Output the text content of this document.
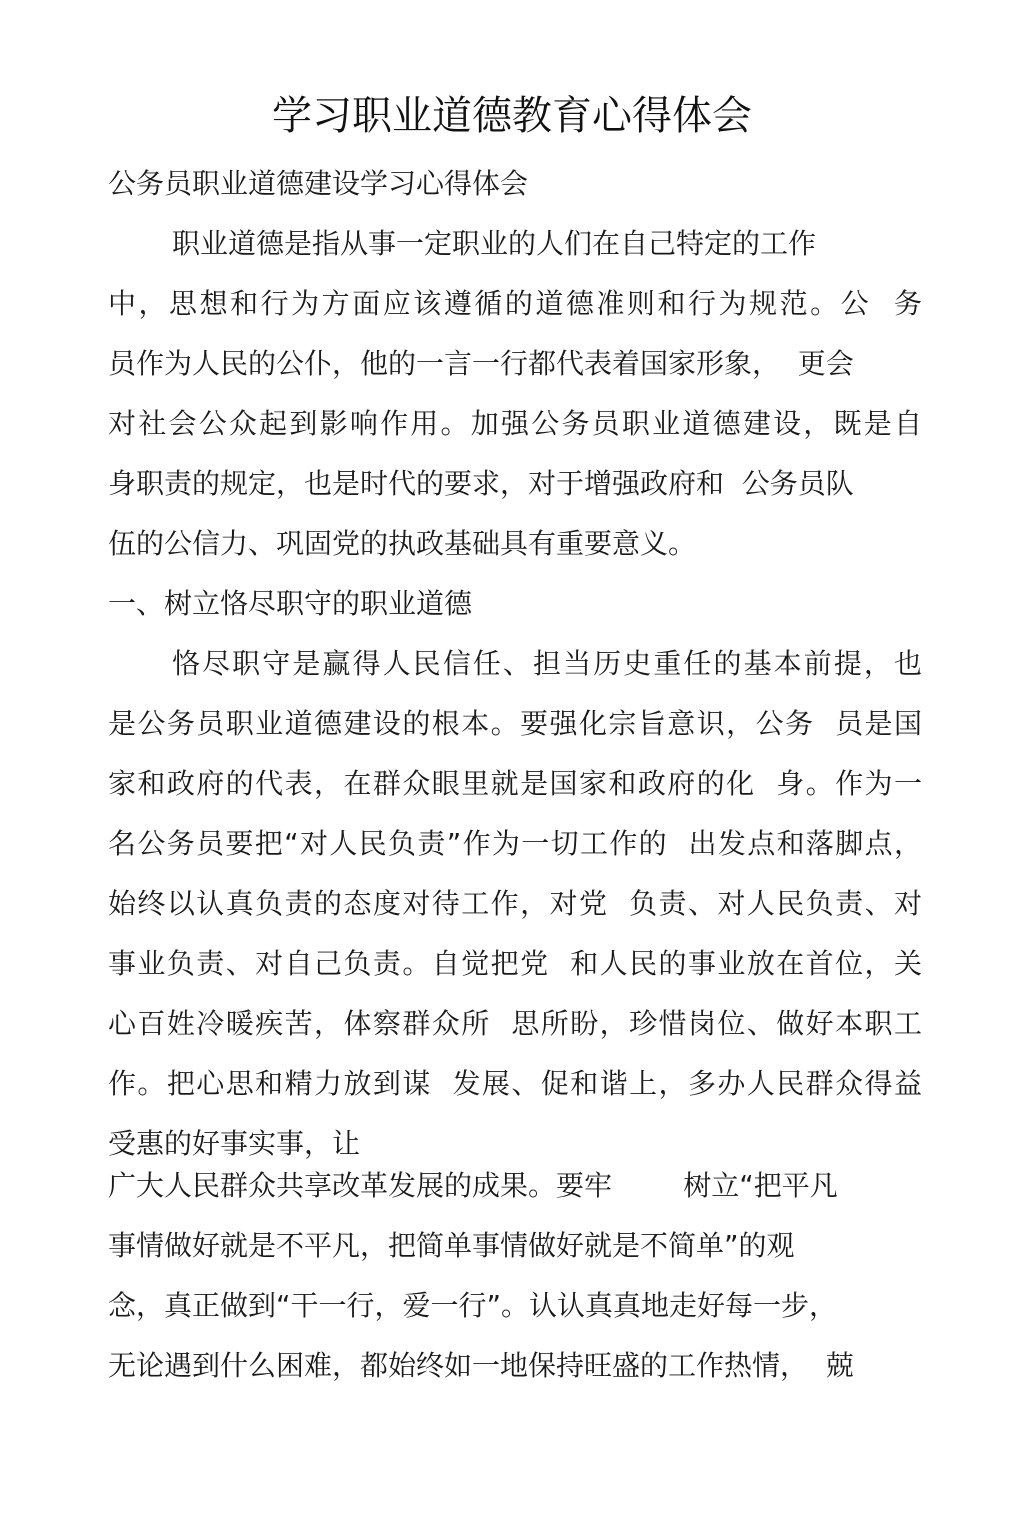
学习职业道德教育心得体会
公务员职业道德建设学习心得体会
职业道德是指从事一定职业的人们在自己特定的工作
中，思想和行为方面应该遵循的道德准则和行为规范。公  务
员作为人民的公仆，他的一言一行都代表着国家形象，  更会
对社会公众起到影响作用。加强公务员职业道德建设，既是自
身职责的规定，也是时代的要求，对于增强政府和  公务员队
伍的公信力、巩固党的执政基础具有重要意义。
一、树立恪尽职守的职业道德
恪尽职守是赢得人民信任、担当历史重任的基本前提，也
是公务员职业道德建设的根本。要强化宗旨意识，公务  员是国
家和政府的代表，在群众眼里就是国家和政府的化  身。作为一
名公务员要把“对人民负责”作为一切工作的  出发点和落脚点，
始终以认真负责的态度对待工作，对党  负责、对人民负责、对
事业负责、对自己负责。自觉把党  和人民的事业放在首位，关
心百姓冷暖疾苦，体察群众所  思所盼，珍惜岗位、做好本职工
作。把心思和精力放到谋  发展、促和谐上，多办人民群众得益
受惠的好事实事，让
广大人民群众共享改革发展的成果。要牢        树立“把平凡
事情做好就是不平凡，把简单事情做好就是不简单”的观
念，真正做到“干一行，爱一行”。认认真真地走好每一步，
无论遇到什么困难，都始终如一地保持旺盛的工作热情，  兢
